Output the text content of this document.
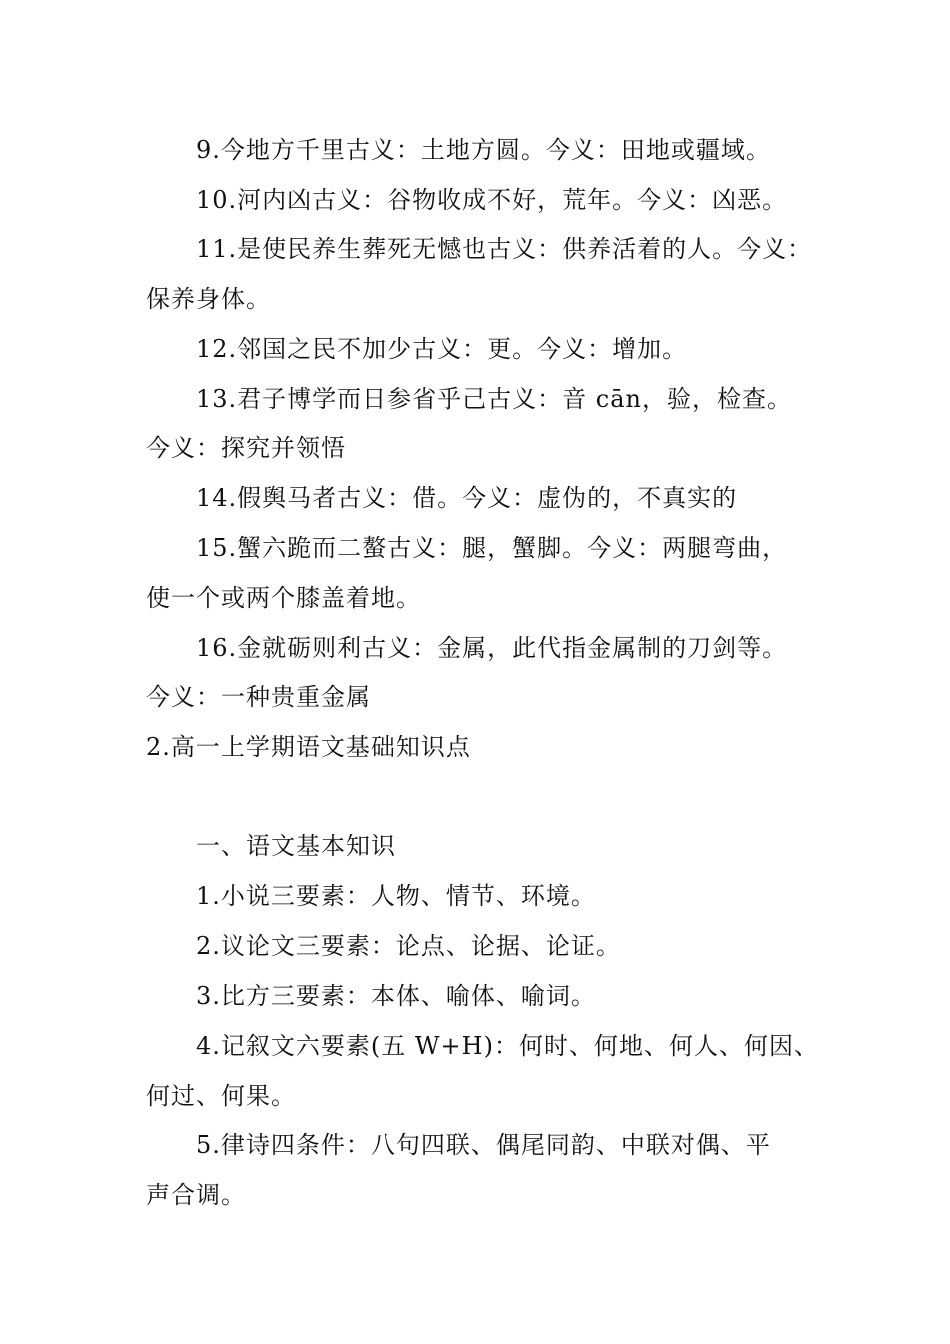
9.今地方千里古义：土地方圆。今义：田地或疆域。
10.河内凶古义：谷物收成不好，荒年。今义：凶恶。
11.是使民养生葬死无憾也古义：供养活着的人。今义：
保养身体。
12.邻国之民不加少古义：更。今义：增加。
13.君子博学而日参省乎己古义：音 cān，验，检查。
今义：探究并领悟
14.假舆马者古义：借。今义：虚伪的，不真实的
15.蟹六跪而二螯古义：腿，蟹脚。今义：两腿弯曲，
使一个或两个膝盖着地。
16.金就砺则利古义：金属，此代指金属制的刀剑等。
今义：一种贵重金属
2.高一上学期语文基础知识点
一、语文基本知识
1.小说三要素：人物、情节、环境。
2.议论文三要素：论点、论据、论证。
3.比方三要素：本体、喻体、喻词。
4.记叙文六要素(五 W+H)：何时、何地、何人、何因、
何过、何果。
5.律诗四条件：八句四联、偶尾同韵、中联对偶、平
声合调。
